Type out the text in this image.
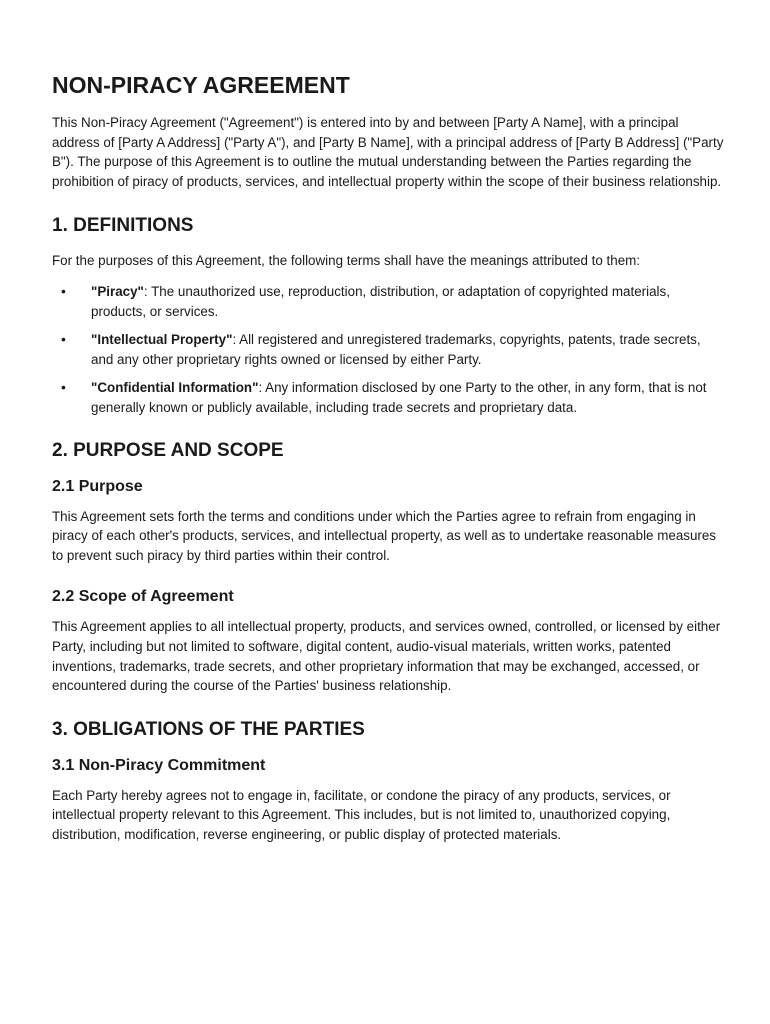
NON-PIRACY AGREEMENT

This Non-Piracy Agreement ("Agreement") is entered into by and between [Party A Name], with a principal address of [Party A Address] ("Party A"), and [Party B Name], with a principal address of [Party B Address] ("Party B"). The purpose of this Agreement is to outline the mutual understanding between the Parties regarding the prohibition of piracy of products, services, and intellectual property within the scope of their business relationship.

1. DEFINITIONS

For the purposes of this Agreement, the following terms shall have the meanings attributed to them:

• "Piracy": The unauthorized use, reproduction, distribution, or adaptation of copyrighted materials, products, or services.
• "Intellectual Property": All registered and unregistered trademarks, copyrights, patents, trade secrets, and any other proprietary rights owned or licensed by either Party.
• "Confidential Information": Any information disclosed by one Party to the other, in any form, that is not generally known or publicly available, including trade secrets and proprietary data.
2. PURPOSE AND SCOPE
2.1 Purpose

This Agreement sets forth the terms and conditions under which the Parties agree to refrain from engaging in piracy of each other's products, services, and intellectual property, as well as to undertake reasonable measures to prevent such piracy by third parties within their control.

2.2 Scope of Agreement

This Agreement applies to all intellectual property, products, and services owned, controlled, or licensed by either Party, including but not limited to software, digital content, audio-visual materials, written works, patented inventions, trademarks, trade secrets, and other proprietary information that may be exchanged, accessed, or encountered during the course of the Parties' business relationship.

3. OBLIGATIONS OF THE PARTIES
3.1 Non-Piracy Commitment

Each Party hereby agrees not to engage in, facilitate, or condone the piracy of any products, services, or intellectual property relevant to this Agreement. This includes, but is not limited to, unauthorized copying, distribution, modification, reverse engineering, or public display of protected materials.
